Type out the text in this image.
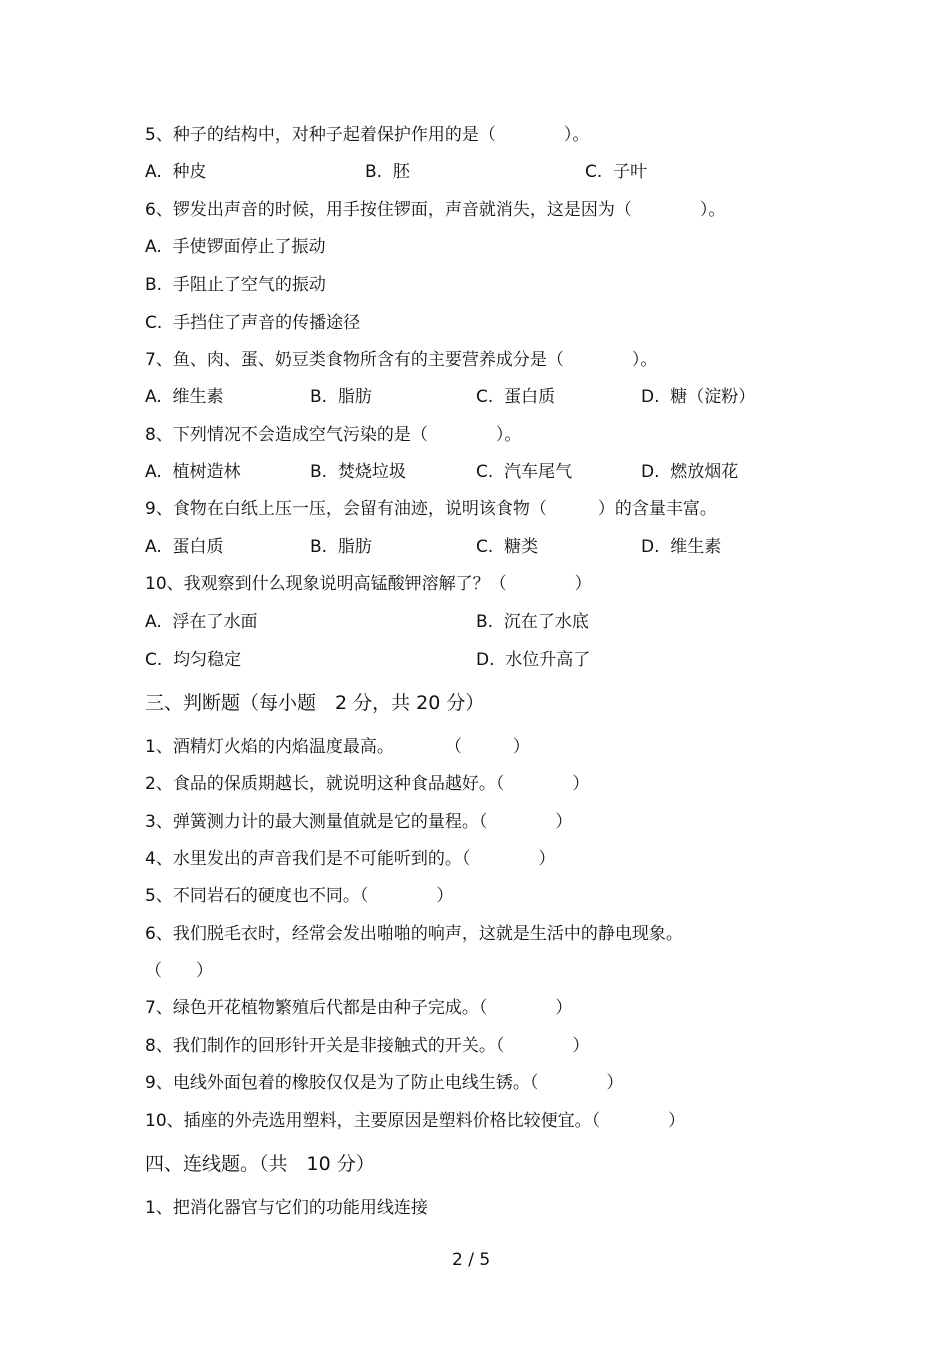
5、种子的结构中，对种子起着保护作用的是（　　　　）。
A.  种皮	B.  胚	C.  子叶
6、锣发出声音的时候，用手按住锣面，声音就消失，这是因为（　　　　）。
A.  手使锣面停止了振动
B.  手阻止了空气的振动
C.  手挡住了声音的传播途径
7、鱼、肉、蛋、奶豆类食物所含有的主要营养成分是（　　　　）。
A.  维生素	B.  脂肪	C.  蛋白质	D.  糖（淀粉）
8、下列情况不会造成空气污染的是（　　　　）。
A.  植树造林	B.  焚烧垃圾	C.  汽车尾气	D.  燃放烟花
9、食物在白纸上压一压，会留有油迹，说明该食物（　　　）的含量丰富。
A.  蛋白质	B.  脂肪	C.  糖类	D.  维生素
10、我观察到什么现象说明高锰酸钾溶解了？（　　　　）
A.  浮在了水面	B.  沉在了水底
C.  均匀稳定	D.  水位升高了
三、判断题（每小题　2 分，共 20 分）
1、酒精灯火焰的内焰温度最高。　　　　（　　　）
2、食品的保质期越长，就说明这种食品越好。（　　　　）
3、弹簧测力计的最大测量值就是它的量程。（　　　　）
4、水里发出的声音我们是不可能听到的。（　　　　）
5、不同岩石的硬度也不同。（　　　　）
6、我们脱毛衣时，经常会发出啪啪的响声，这就是生活中的静电现象。
（　　）
7、绿色开花植物繁殖后代都是由种子完成。（　　　　）
8、我们制作的回形针开关是非接触式的开关。（　　　　）
9、电线外面包着的橡胶仅仅是为了防止电线生锈。（　　　　）
10、插座的外壳选用塑料，主要原因是塑料价格比较便宜。（　　　　）
四、连线题。（共　10 分）
1、把消化器官与它们的功能用线连接
2 / 5
